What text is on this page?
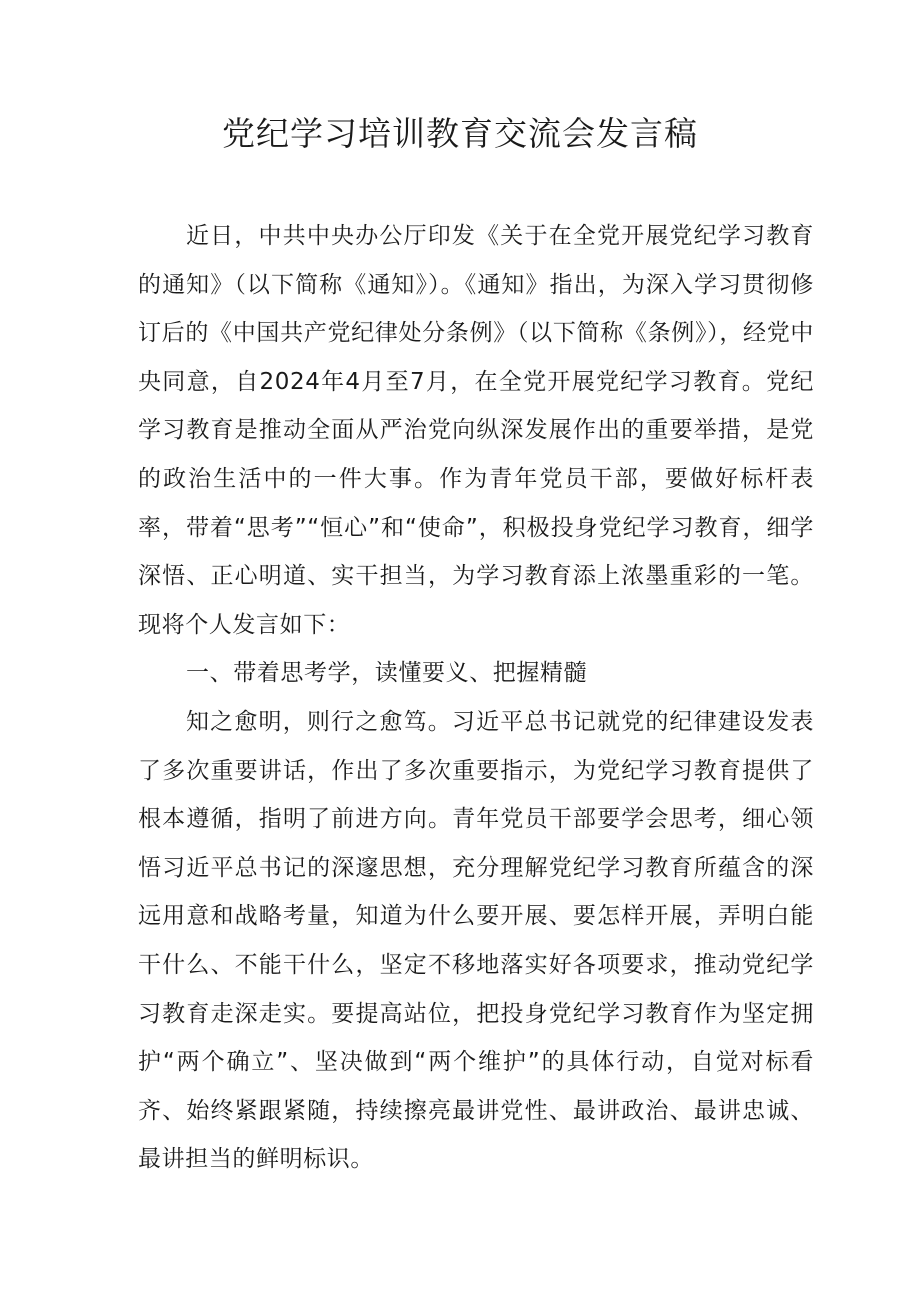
党纪学习培训教育交流会发言稿

近日，中共中央办公厅印发《关于在全党开展党纪学习教育的通知》（以下简称《通知》）。《通知》指出，为深入学习贯彻修订后的《中国共产党纪律处分条例》（以下简称《条例》），经党中央同意，自2024年4月至7月，在全党开展党纪学习教育。党纪学习教育是推动全面从严治党向纵深发展作出的重要举措，是党的政治生活中的一件大事。作为青年党员干部，要做好标杆表率，带着“思考”“恒心”和“使命”，积极投身党纪学习教育，细学深悟、正心明道、实干担当，为学习教育添上浓墨重彩的一笔。现将个人发言如下：

一、带着思考学，读懂要义、把握精髓

知之愈明，则行之愈笃。习近平总书记就党的纪律建设发表了多次重要讲话，作出了多次重要指示，为党纪学习教育提供了根本遵循，指明了前进方向。青年党员干部要学会思考，细心领悟习近平总书记的深邃思想，充分理解党纪学习教育所蕴含的深远用意和战略考量，知道为什么要开展、要怎样开展，弄明白能干什么、不能干什么，坚定不移地落实好各项要求，推动党纪学习教育走深走实。要提高站位，把投身党纪学习教育作为坚定拥护“两个确立”、坚决做到“两个维护”的具体行动，自觉对标看齐、始终紧跟紧随，持续擦亮最讲党性、最讲政治、最讲忠诚、最讲担当的鲜明标识。
